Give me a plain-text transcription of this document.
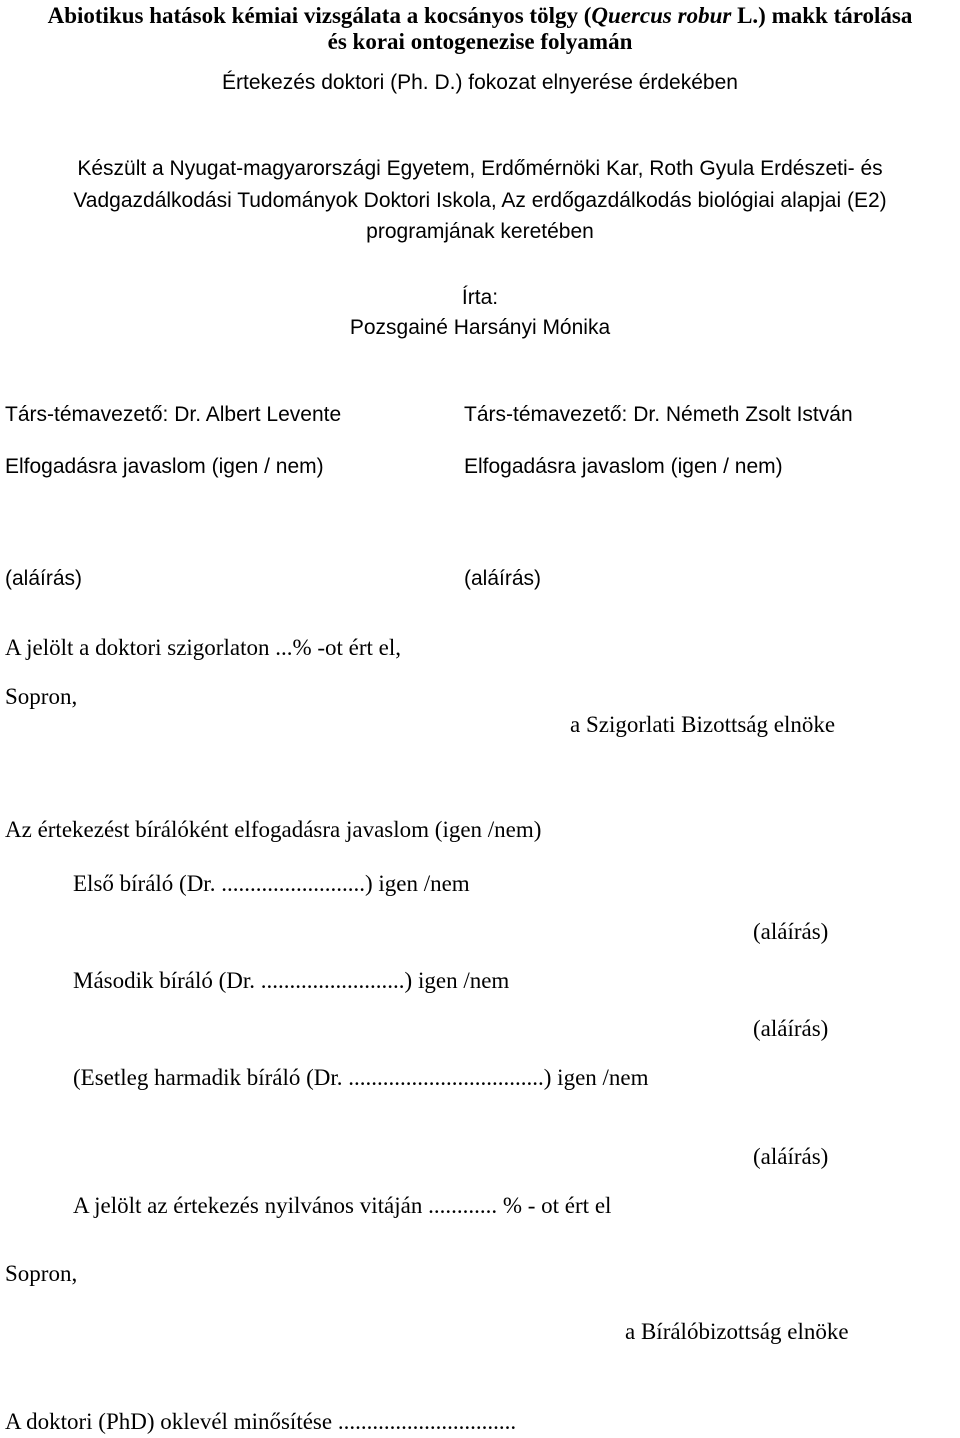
Abiotikus hatások kémiai vizsgálata a kocsányos tölgy (Quercus robur L.) makk tárolása
és korai ontogenezise folyamán
Értekezés doktori (Ph. D.) fokozat elnyerése érdekében
Készült a Nyugat-magyarországi Egyetem, Erdőmérnöki Kar, Roth Gyula Erdészeti- és
Vadgazdálkodási Tudományok Doktori Iskola, Az erdőgazdálkodás biológiai alapjai (E2)
programjának keretében
Írta:
Pozsgainé Harsányi Mónika
Társ-témavezető: Dr. Albert Levente	Társ-témavezető: Dr. Németh Zsolt István
Elfogadásra javaslom (igen / nem)	Elfogadásra javaslom (igen / nem)
(aláírás)	(aláírás)
A jelölt a doktori szigorlaton ...% -ot ért el,
Sopron,
a Szigorlati Bizottság elnöke
Az értekezést bírálóként elfogadásra javaslom (igen /nem)
Első bíráló (Dr. .........................) igen /nem
(aláírás)
Második bíráló (Dr. .........................) igen /nem
(aláírás)
(Esetleg harmadik bíráló (Dr. ..................................) igen /nem
(aláírás)
A jelölt az értekezés nyilvános vitáján ............ % - ot ért el
Sopron,
a Bírálóbizottság elnöke
A doktori (PhD) oklevél minősítése ...............................
